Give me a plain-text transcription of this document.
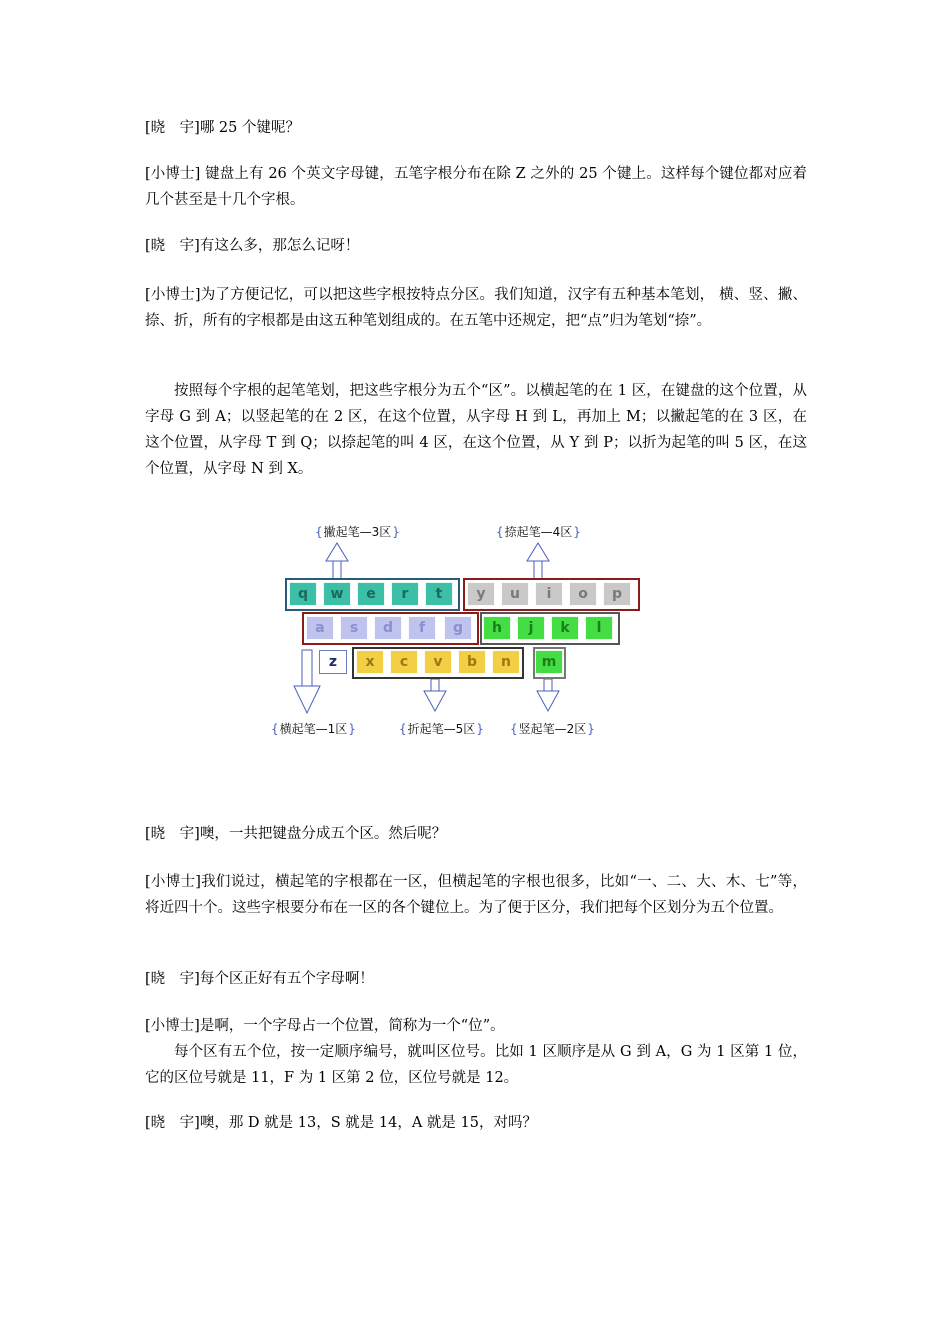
[晓　宇]哪 25 个键呢？

[小博士] 键盘上有 26 个英文字母键，五笔字根分布在除 Z 之外的 25 个键上。这样每个键位都对应着几个甚至是十几个字根。

[晓　宇]有这么多，那怎么记呀！

[小博士]为了方便记忆，可以把这些字根按特点分区。我们知道，汉字有五种基本笔划， 横、竖、撇、捺、折，所有的字根都是由这五种笔划组成的。在五笔中还规定，把“点”归为笔划“捺”。

按照每个字根的起笔笔划，把这些字根分为五个“区”。以横起笔的在 1 区，在键盘的这个位置，从字母 G 到 A；以竖起笔的在 2 区，在这个位置，从字母 H 到 L，再加上 M；以撇起笔的在 3 区，在这个位置，从字母 T 到 Q；以捺起笔的叫 4 区，在这个位置，从 Y 到 P；以折为起笔的叫 5 区，在这个位置，从字母 N 到 X。

{ 撇起笔—3区 }	{ 捺起笔—4区 }
{ 横起笔—1区 }	{ 折起笔—5区 }	{ 竖起笔—2区 }
q	w	e	r	t	y	u	i	o	p
a	s	d	f	g	h	j	k	l
z	x	c	v	b	n	m

[晓　宇]噢，一共把键盘分成五个区。然后呢？

[小博士]我们说过，横起笔的字根都在一区，但横起笔的字根也很多，比如“一、二、大、木、七”等，将近四十个。这些字根要分布在一区的各个键位上。为了便于区分，我们把每个区划分为五个位置。

[晓　宇]每个区正好有五个字母啊！

[小博士]是啊，一个字母占一个位置，简称为一个“位”。

每个区有五个位，按一定顺序编号，就叫区位号。比如 1 区顺序是从 G 到 A，G 为 1 区第 1 位，它的区位号就是 11，F 为 1 区第 2 位，区位号就是 12。

[晓　宇]噢，那 D 就是 13，S 就是 14，A 就是 15，对吗？
